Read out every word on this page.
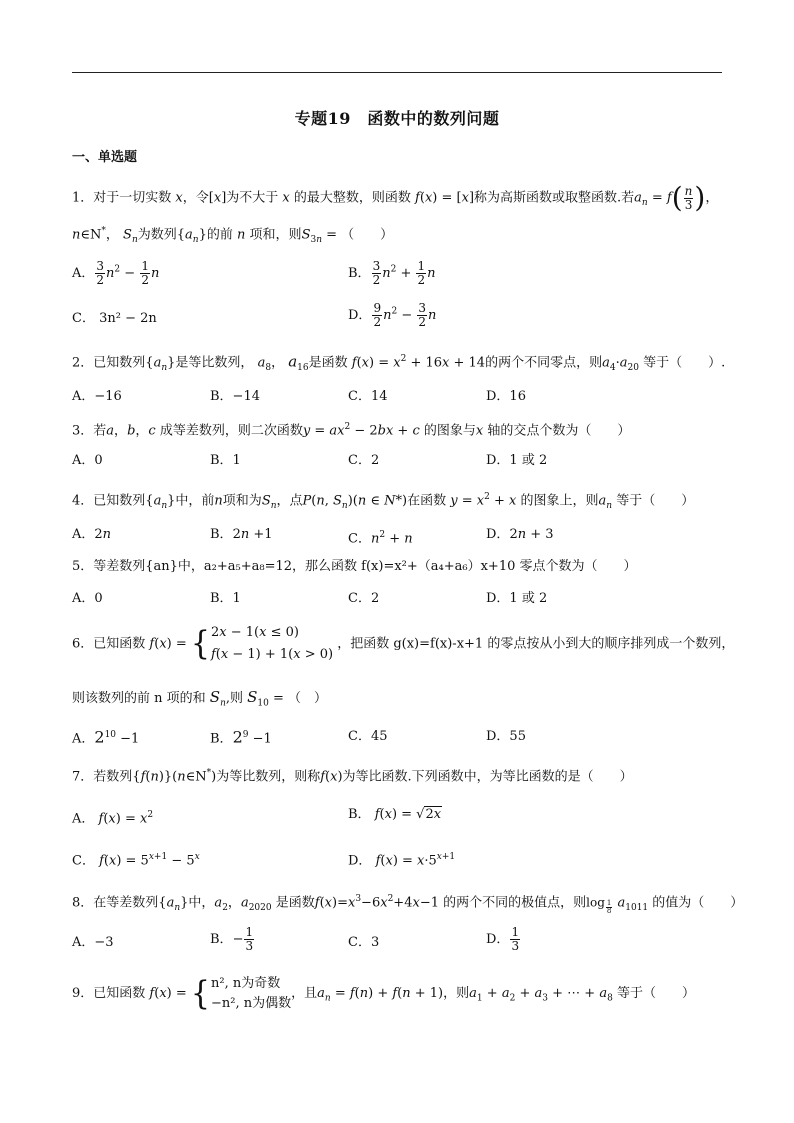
专题19　函数中的数列问题
一、单选题
1．对于一切实数 x，令[x]为不大于 x 的最大整数，则函数 f(x) = [x]称为高斯函数或取整函数.若$a_n = f( \frac{n}{3}$ )，
n∈N*， $S_n$为数列$\{a_n\}$的前 n 项和，则$S_{3n}$ = （　　）
A． $\frac{3}{2} n^2 - \frac{1}{2}$ n	B． $\frac{3}{2} n^2 + \frac{1}{2}$ n
C． 3n² − 2n	D． $\frac{9}{2} n^2 - \frac{3}{2}$ n
2．已知数列$\{a_n\}$是等比数列， $a_8$， $a_{16}$是函数 $f(x) = x^2 + 16x + 14$的两个不同零点，则$a_4\cdot a_{20}$ 等于（　　）.
A．−16	B．−14	C．14	D．16
3．若a，b，c 成等差数列，则二次函数$y = ax^2 - 2bx + c$ 的图象与x 轴的交点个数为（　　）
A．0	B．1	C．2	D．1 或 2
4．已知数列$\{a_n\}$中，前n项和为$S_n$，点P(n, $S_n)(n$ ∈ N*)在函数 $y = x^2 + x$ 的图象上，则$a_n$ 等于（　　）
A．2n	B．2n +1	C．$n^2 + n$	D．2n + 3
5．等差数列{an}中，a₂+a₅+a₈=12，那么函数 f(x)=x²+（a₄+a₆）x+10 零点个数为（　　）
A．0	B．1	C．2	D．1 或 2
6．已知函数 f(x) = { 2x − 1(x ≤ 0)
f(x − 1) + 1(x > 0)
，把函数 g(x)=f(x)-x+1 的零点按从小到大的顺序排列成一个数列，
则该数列的前 n 项的和 $S_n$,则 $S_{10}$ = （　）
A．$2^{10} -1$	B．$2^9 -1$	C．45	D．55
7．若数列{f(n)}(n∈N*)为等比数列，则称f(x)为等比函数.下列函数中，为等比函数的是（　　）
A． $f(x) = x^2$	B． f(x) = √2x
C． $f(x) = 5^{x+1} - 5^x$	D． $f(x) = x\cdot 5^{x+1}$
8．在等差数列$\{a_n\}$中，$a_2$，$a_{2020}$ 是函数$f(x)=x^3-6x^2+4x-1$ 的两个不同的极值点，则log $_{\frac{1}{8}}$ $a_{1011}$ 的值为（　　）
A．−3	B．− $\frac{1}{3}$	C．3	D． $\frac{1}{3}$
9．已知函数 f(x) = { n², n为奇数
−n², n为偶数
，且$a_n = f(n) + f(n + 1)$，则$a_1 + a_2 + a_3$ + ⋯ + $a_8$ 等于（　　）
